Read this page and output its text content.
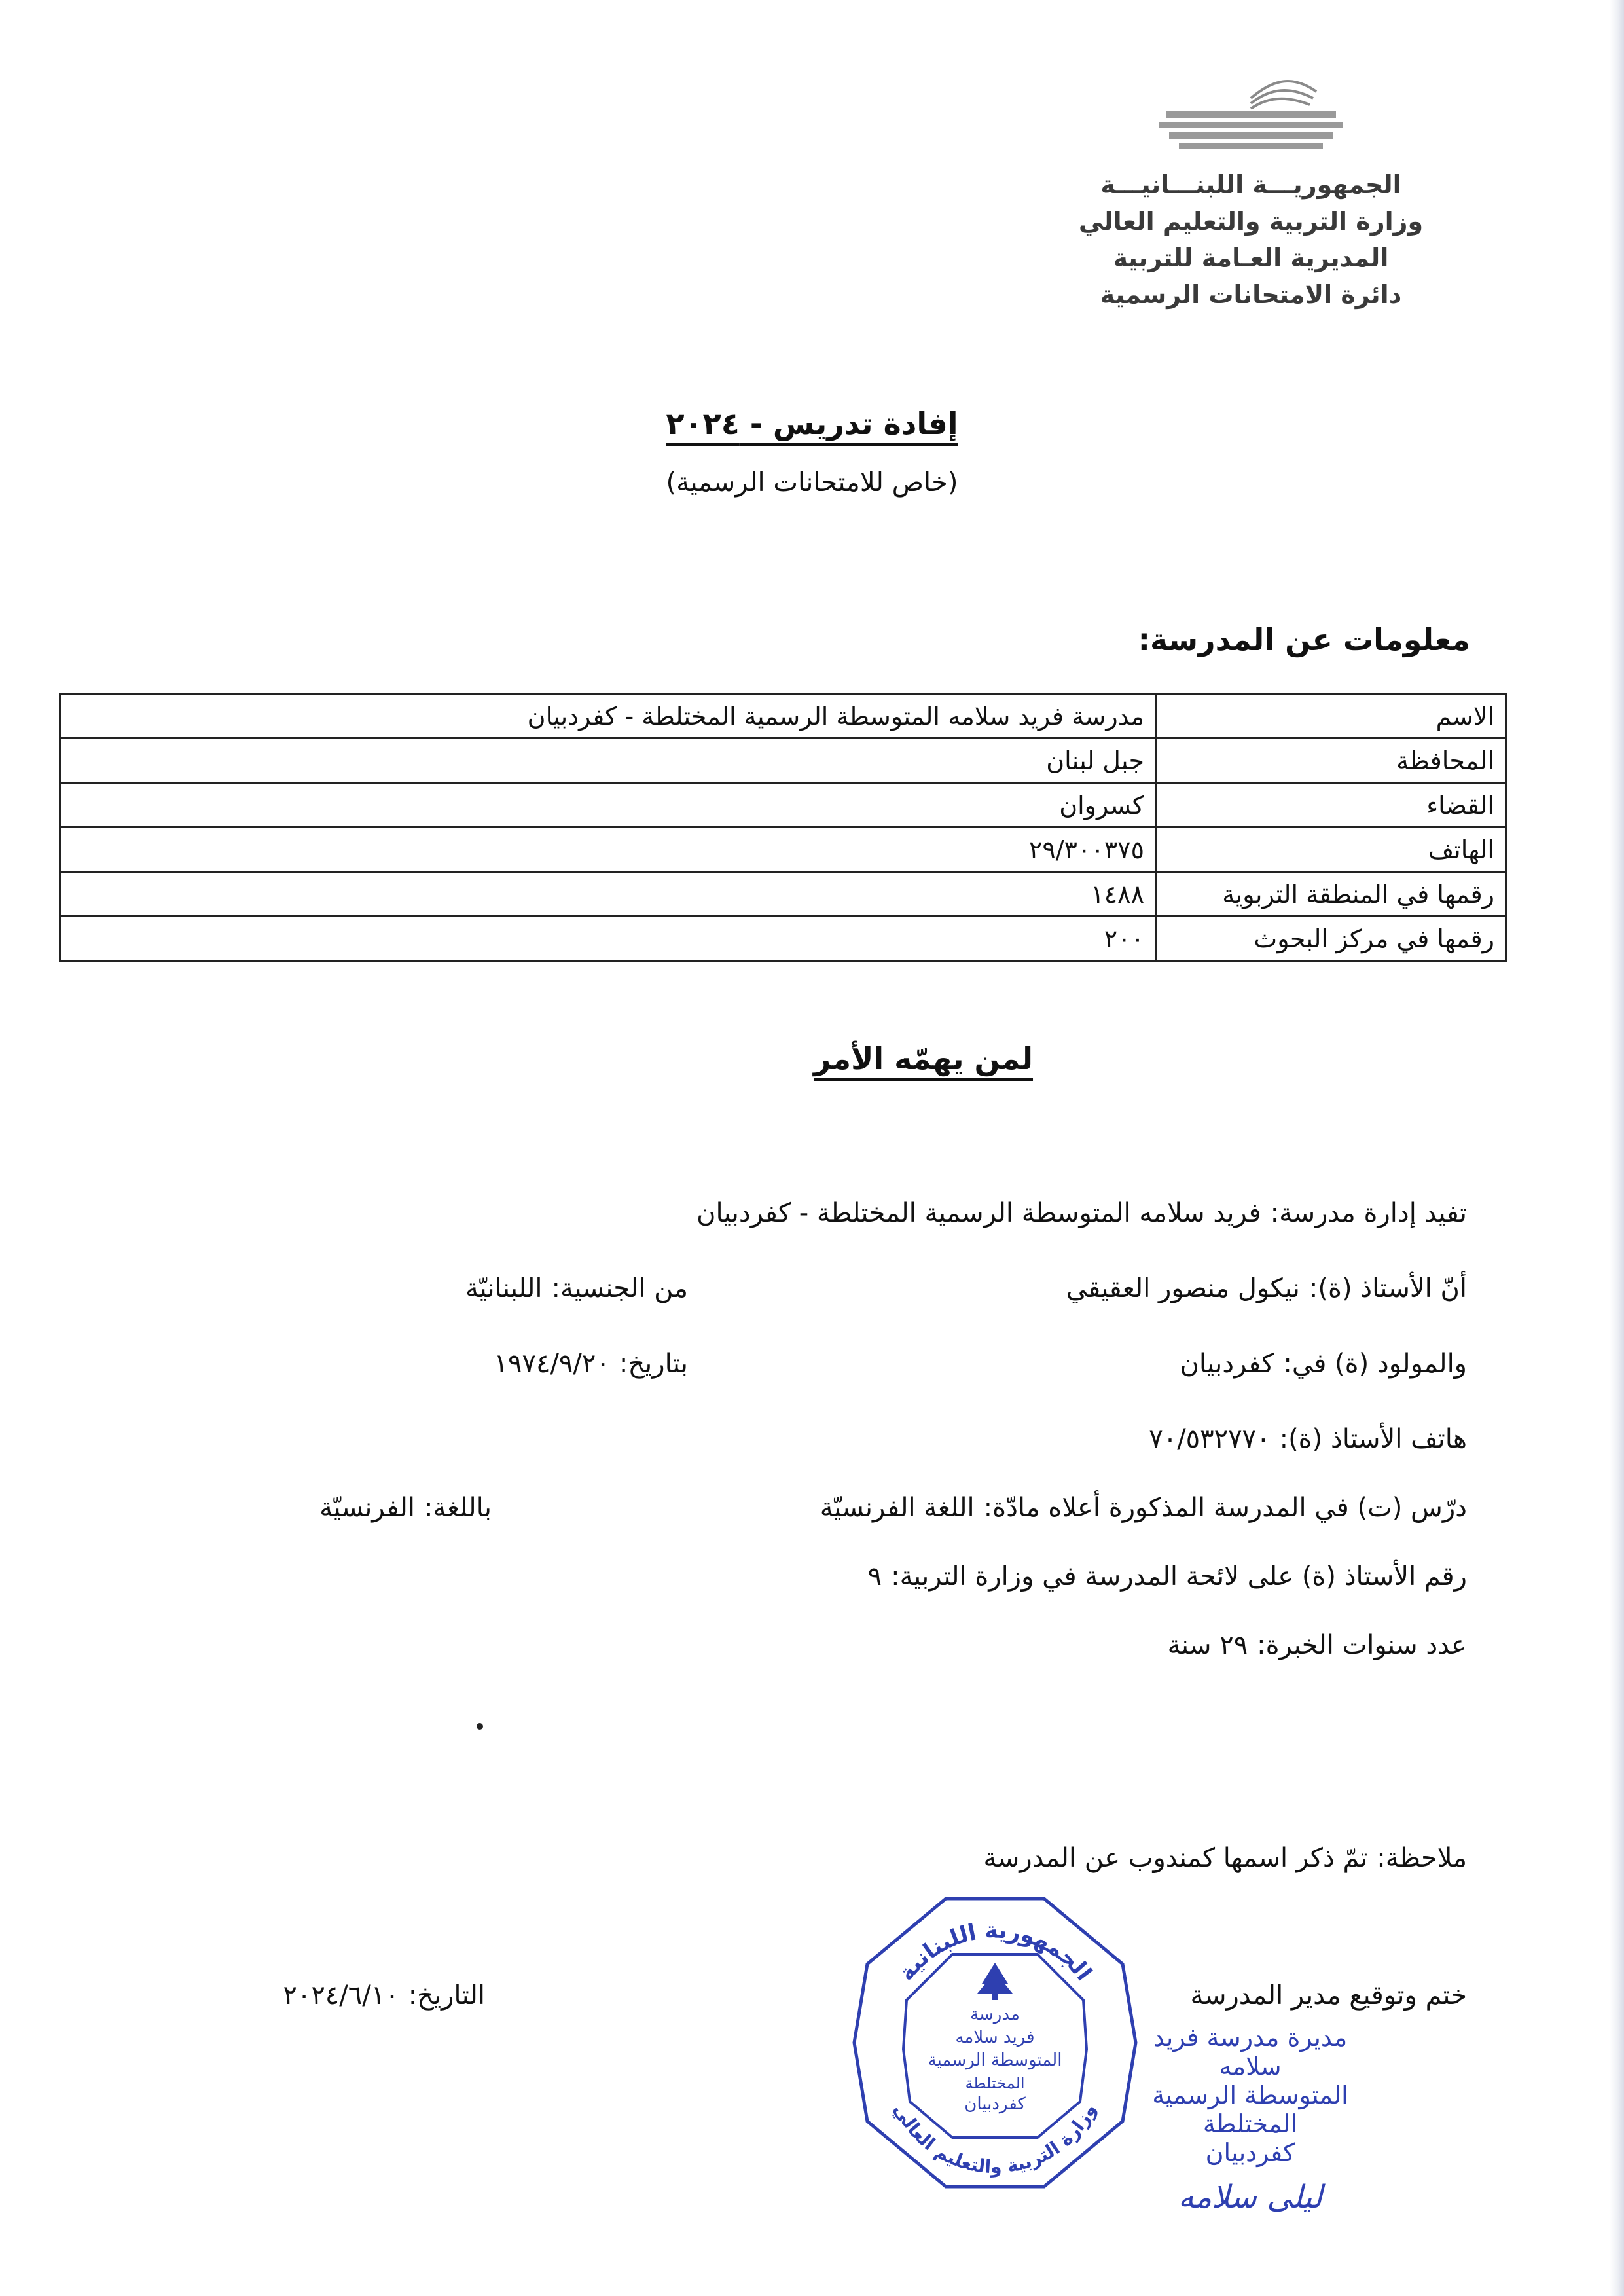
الجمهوريـــة اللبنـــانيـــة
وزارة التربية والتعليم العالي
المديرية العـامة للتربية
دائرة الامتحانات الرسمية
إفادة تدريس - ٢٠٢٤
(خاص للامتحانات الرسمية)
معلومات عن المدرسة:
الاسم	مدرسة فريد سلامه المتوسطة الرسمية المختلطة - كفردبيان
المحافظة	جبل لبنان
القضاء	كسروان
الهاتف	٢٩/٣٠٠٣٧٥
رقمها في المنطقة التربوية	١٤٨٨
رقمها في مركز البحوث	٢٠٠
لمن يهمّه الأمر
تفيد إدارة مدرسة:فريد سلامه المتوسطة الرسمية المختلطة - كفردبيان
أنّ الأستاذ (ة):نيكول منصور العقيقي
من الجنسية:اللبنانيّة
والمولود (ة) في:كفردبيان
بتاريخ:١٩٧٤/٩/٢٠
هاتف الأستاذ (ة):٧٠/٥٣٢٧٧٠
درّس (ت) في المدرسة المذكورة أعلاه مادّة:اللغة الفرنسيّة
باللغة:الفرنسيّة
رقم الأستاذ (ة) على لائحة المدرسة في وزارة التربية:٩
عدد سنوات الخبرة:٢٩ سنة
ملاحظة:تمّ ذكر اسمها كمندوب عن المدرسة
ختم وتوقيع مدير المدرسة
التاريخ:٢٠٢٤/٦/١٠
الجمهورية اللبنانية
وزارة التربية والتعليم العالي
مدرسة
فريد سلامه
المتوسطة الرسمية
المختلطة
كفردبيان
مديرة مدرسة فريد سلامه
المتوسطة الرسمية المختلطة
كفردبيان
ليلى سلامه
